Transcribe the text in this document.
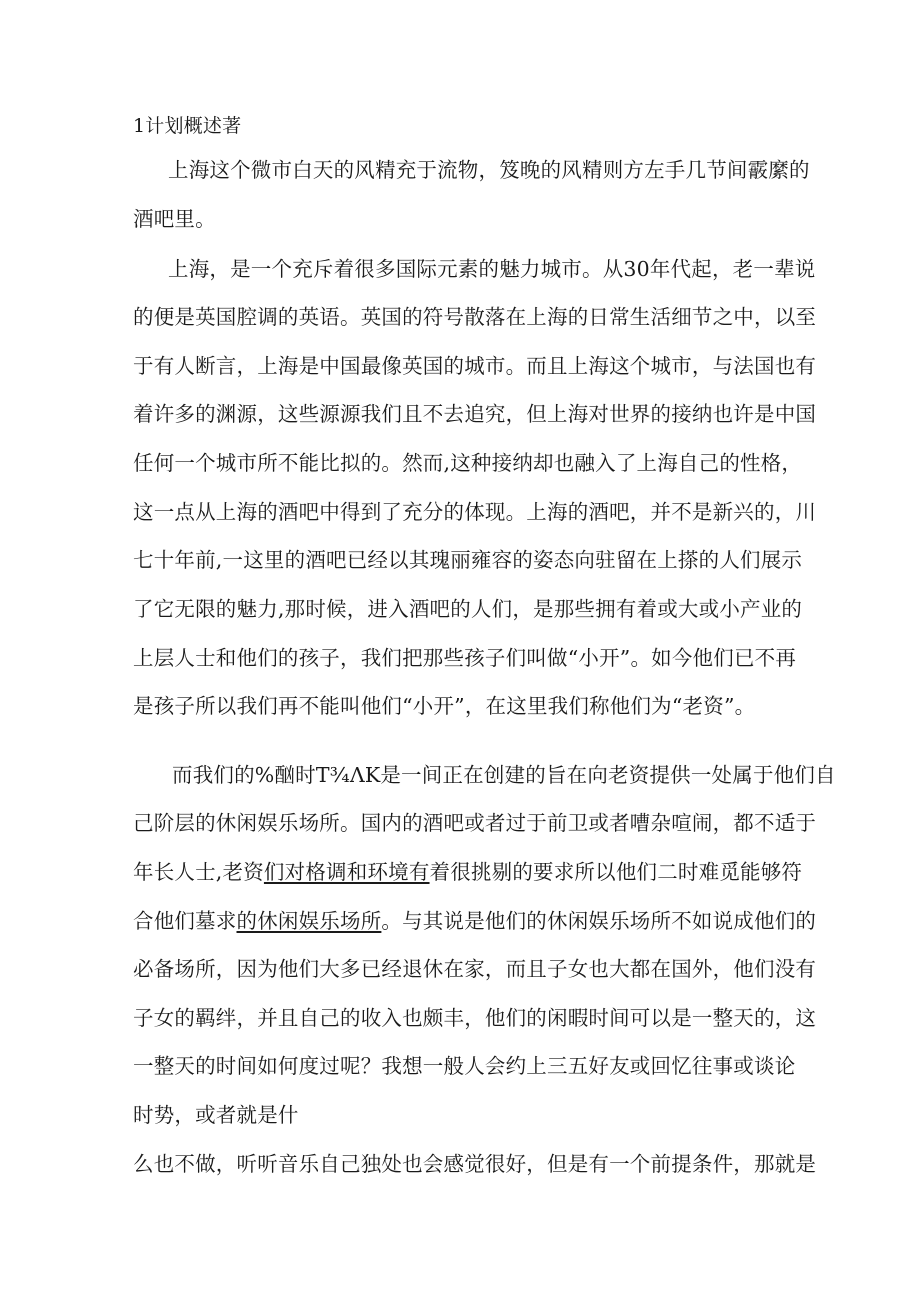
1计划概述著
上海这个微市白天的风精充于流物，笈晚的风精则方左手几节间霰縻的
酒吧里。
上海，是一个充斥着很多国际元素的魅力城市。从30年代起，老一辈说
的便是英国腔调的英语。英国的符号散落在上海的日常生活细节之中，以至
于有人断言，上海是中国最像英国的城市。而且上海这个城市，与法国也有
着许多的渊源，这些源源我们且不去追究，但上海对世界的接纳也许是中国
任何一个城市所不能比拟的。然而,这种接纳却也融入了上海自己的性格，
这一点从上海的酒吧中得到了充分的体现。上海的酒吧，并不是新兴的，川
七十年前,一这里的酒吧已经以其瑰丽雍容的姿态向驻留在上搽的人们展示
了它无限的魅力,那时候，进入酒吧的人们，是那些拥有着或大或小产业的
上层人士和他们的孩子，我们把那些孩子们叫做“小开”。如今他们已不再
是孩子所以我们再不能叫他们“小开”，在这里我们称他们为“老资”。
而我们的%酗时T¾ΛK是一间正在创建的旨在向老资提供一处属于他们自
己阶层的休闲娱乐场所。国内的酒吧或者过于前卫或者嘈杂喧闹，都不适于
年长人士,老资们对格调和环境有着很挑剔的要求所以他们二时难觅能够符
合他们墓求的休闲娱乐场所。与其说是他们的休闲娱乐场所不如说成他们的
必备场所，因为他们大多已经退休在家，而且子女也大都在国外，他们没有
子女的羁绊，并且自己的收入也颇丰，他们的闲暇时间可以是一整天的，这
一整天的时间如何度过呢？我想一般人会约上三五好友或回忆往事或谈论
时势，或者就是什
么也不做，听听音乐自己独处也会感觉很好，但是有一个前提条件，那就是
